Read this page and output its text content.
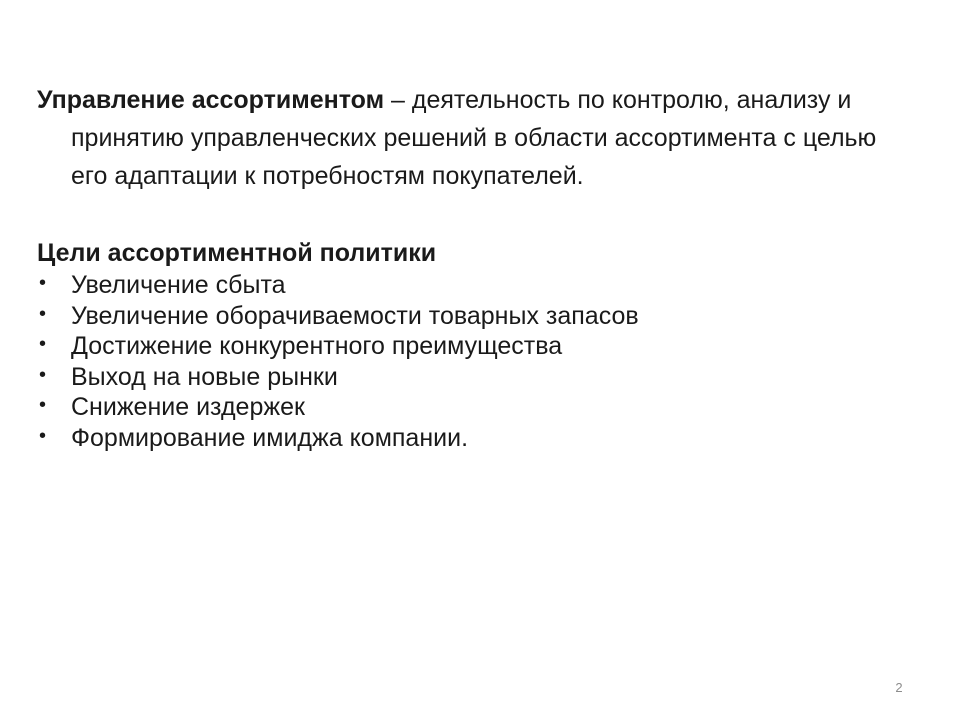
Управление ассортиментом – деятельность по контролю, анализу и принятию управленческих решений в области ассортимента с целью его адаптации к потребностям покупателей.

Цели ассортиментной политики

• Увеличение сбыта
• Увеличение оборачиваемости товарных запасов
• Достижение конкурентного преимущества
• Выход на новые рынки
• Снижение издержек
• Формирование имиджа компании.
2
